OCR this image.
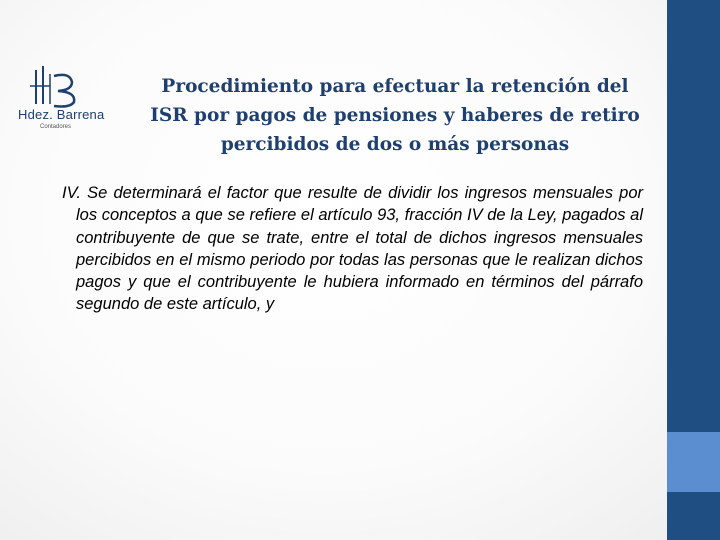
Hdez. Barrena
Contadores
Procedimiento para efectuar la retención del ISR por pagos de pensiones y haberes de retiro percibidos de dos o más personas
IV. Se determinará el factor que resulte de dividir los ingresos mensuales por los conceptos a que se refiere el artículo 93, fracción IV de la Ley, pagados al contribuyente de que se trate, entre el total de dichos ingresos mensuales percibidos en el mismo periodo por todas las personas que le realizan dichos pagos y que el contribuyente le hubiera informado en términos del párrafo segundo de este artículo, y
